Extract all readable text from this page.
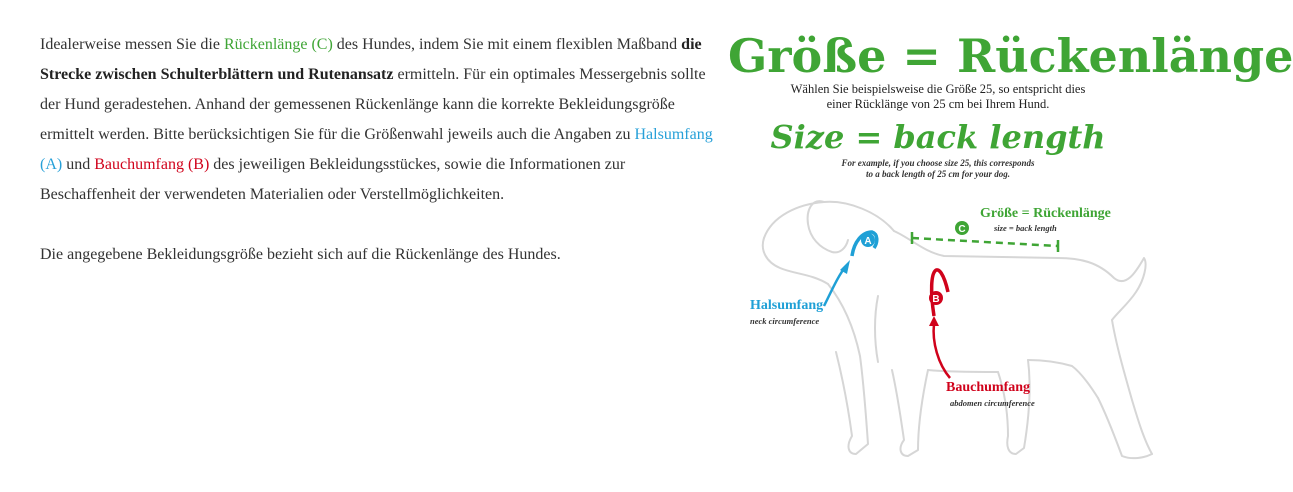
Idealerweise messen Sie die Rückenlänge (C) des Hundes, indem Sie mit einem flexiblen Maßband die Strecke zwischen Schulterblättern und Rutenansatz ermitteln. Für ein optimales Messergebnis sollte der Hund geradestehen. Anhand der gemessenen Rückenlänge kann die korrekte Bekleidungsgröße ermittelt werden. Bitte berücksichtigen Sie für die Größenwahl jeweils auch die Angaben zu Halsumfang (A) und Bauchumfang (B) des jeweiligen Bekleidungsstückes, sowie die Informationen zur Beschaffenheit der verwendeten Materialien oder Verstellmöglichkeiten.

Die angegebene Bekleidungsgröße bezieht sich auf die Rückenlänge des Hundes.

A
C
B
Größe = Rückenlänge
Wählen Sie beispielsweise die Größe 25, so entspricht dies
einer Rücklänge von 25 cm bei Ihrem Hund.
Size = back length
For example, if you choose size 25, this corresponds
to a back length of 25 cm for your dog.
Größe = Rückenlänge
size = back length
Halsumfang
neck circumference
Bauchumfang
abdomen circumference
